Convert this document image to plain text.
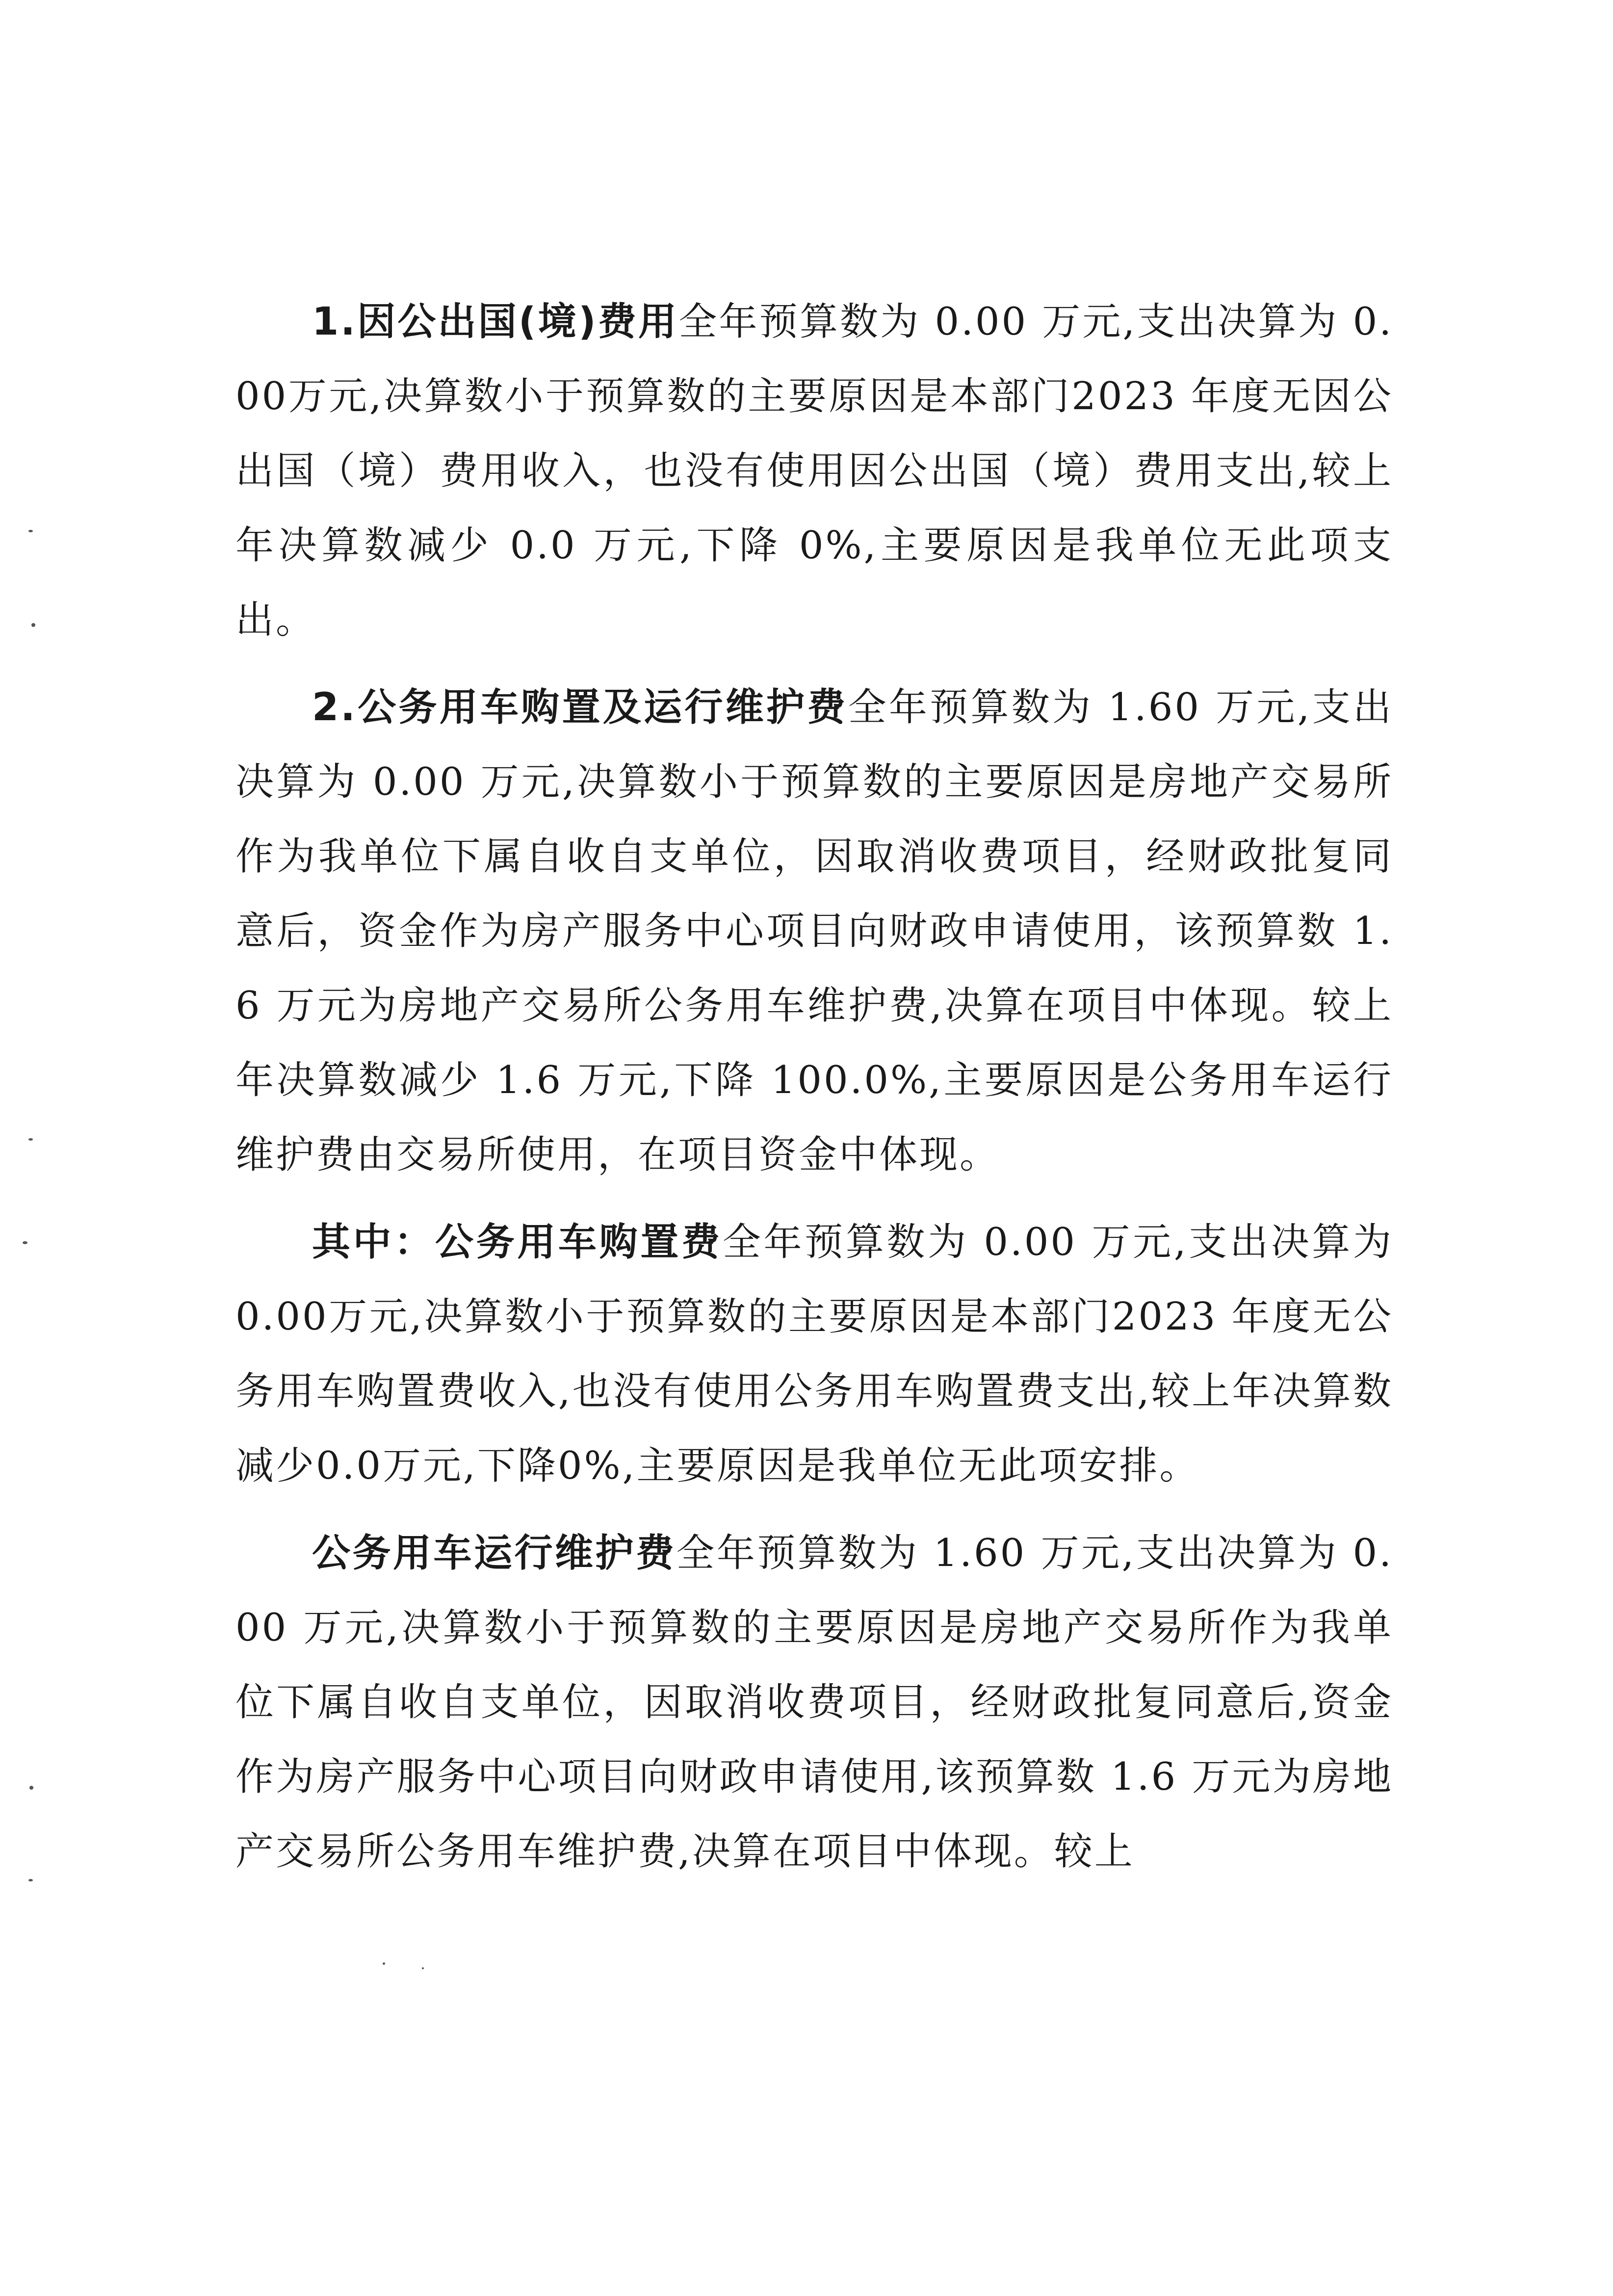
1.因公出国(境)费用全年预算数为 0.00 万元,支出决算为 0.00万元,决算数小于预算数的主要原因是本部门2023 年度无因公出国（境）费用收入，也没有使用因公出国（境）费用支出,较上年决算数减少 0.0 万元,下降 0%,主要原因是我单位无此项支出。

2.公务用车购置及运行维护费全年预算数为 1.60 万元,支出决算为 0.00 万元,决算数小于预算数的主要原因是房地产交易所作为我单位下属自收自支单位，因取消收费项目，经财政批复同意后，资金作为房产服务中心项目向财政申请使用，该预算数 1.6 万元为房地产交易所公务用车维护费,决算在项目中体现。较上年决算数减少 1.6 万元,下降 100.0%,主要原因是公务用车运行维护费由交易所使用，在项目资金中体现。

其中：公务用车购置费全年预算数为 0.00 万元,支出决算为0.00万元,决算数小于预算数的主要原因是本部门2023 年度无公务用车购置费收入,也没有使用公务用车购置费支出,较上年决算数减少0.0万元,下降0%,主要原因是我单位无此项安排。

公务用车运行维护费全年预算数为 1.60 万元,支出决算为 0.00 万元,决算数小于预算数的主要原因是房地产交易所作为我单位下属自收自支单位，因取消收费项目，经财政批复同意后,资金作为房产服务中心项目向财政申请使用,该预算数 1.6 万元为房地产交易所公务用车维护费,决算在项目中体现。较上
